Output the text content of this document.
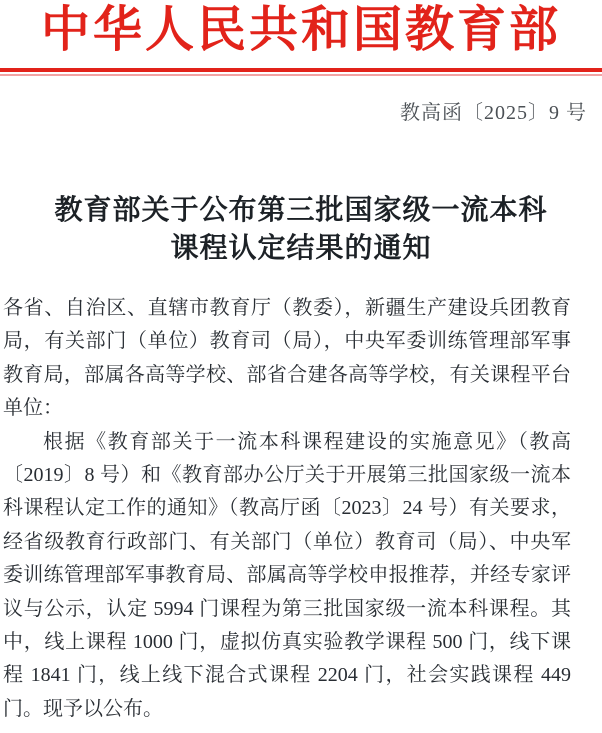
中华人民共和国教育部
教高函〔2025〕9 号
教育部关于公布第三批国家级一流本科
课程认定结果的通知
各省、自治区、直辖市教育厅（教委），新疆生产建设兵团教育
局，有关部门（单位）教育司（局），中央军委训练管理部军事
教育局，部属各高等学校、部省合建各高等学校，有关课程平台
单位：
根据《教育部关于一流本科课程建设的实施意见》（教高
〔2019〕8 号）和《教育部办公厅关于开展第三批国家级一流本
科课程认定工作的通知》（教高厅函〔2023〕24 号）有关要求，
经省级教育行政部门、有关部门（单位）教育司（局）、中央军
委训练管理部军事教育局、部属高等学校申报推荐，并经专家评
议与公示，认定 5994 门课程为第三批国家级一流本科课程。其
中，线上课程 1000 门，虚拟仿真实验教学课程 500 门，线下课
程 1841 门，线上线下混合式课程 2204 门，社会实践课程 449
门。现予以公布。
